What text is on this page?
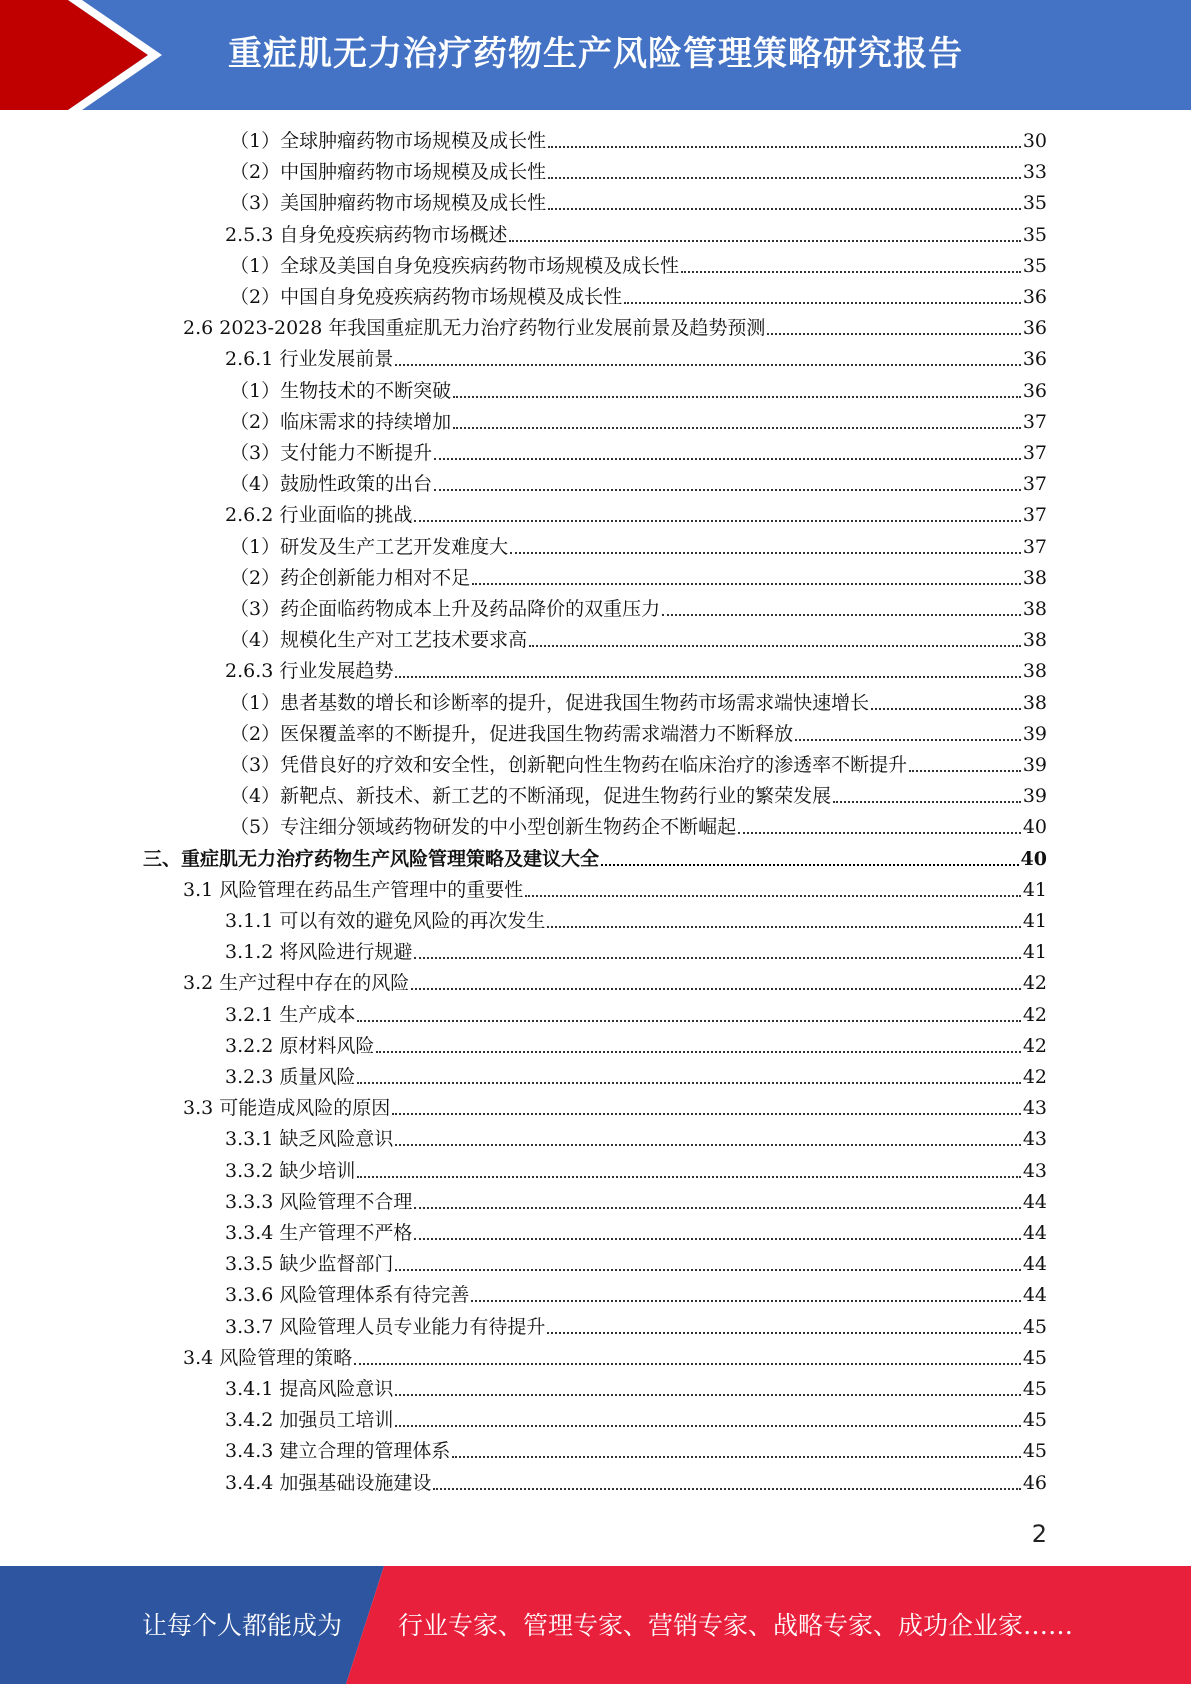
重症肌无力治疗药物生产风险管理策略研究报告
（1）全球肿瘤药物市场规模及成长性	30
（2）中国肿瘤药物市场规模及成长性	33
（3）美国肿瘤药物市场规模及成长性	35
2.5.3 自身免疫疾病药物市场概述	35
（1）全球及美国自身免疫疾病药物市场规模及成长性	35
（2）中国自身免疫疾病药物市场规模及成长性	36
2.6 2023-2028 年我国重症肌无力治疗药物行业发展前景及趋势预测	36
2.6.1 行业发展前景	36
（1）生物技术的不断突破	36
（2）临床需求的持续增加	37
（3）支付能力不断提升	37
（4）鼓励性政策的出台	37
2.6.2 行业面临的挑战	37
（1）研发及生产工艺开发难度大	37
（2）药企创新能力相对不足	38
（3）药企面临药物成本上升及药品降价的双重压力	38
（4）规模化生产对工艺技术要求高	38
2.6.3 行业发展趋势	38
（1）患者基数的增长和诊断率的提升，促进我国生物药市场需求端快速增长	38
（2）医保覆盖率的不断提升，促进我国生物药需求端潜力不断释放	39
（3）凭借良好的疗效和安全性，创新靶向性生物药在临床治疗的渗透率不断提升	39
（4）新靶点、新技术、新工艺的不断涌现，促进生物药行业的繁荣发展	39
（5）专注细分领域药物研发的中小型创新生物药企不断崛起	40
三、重症肌无力治疗药物生产风险管理策略及建议大全	40
3.1 风险管理在药品生产管理中的重要性	41
3.1.1 可以有效的避免风险的再次发生	41
3.1.2 将风险进行规避	41
3.2 生产过程中存在的风险	42
3.2.1 生产成本	42
3.2.2 原材料风险	42
3.2.3 质量风险	42
3.3 可能造成风险的原因	43
3.3.1 缺乏风险意识	43
3.3.2 缺少培训	43
3.3.3 风险管理不合理	44
3.3.4 生产管理不严格	44
3.3.5 缺少监督部门	44
3.3.6 风险管理体系有待完善	44
3.3.7 风险管理人员专业能力有待提升	45
3.4 风险管理的策略	45
3.4.1 提高风险意识	45
3.4.2 加强员工培训	45
3.4.3 建立合理的管理体系	45
3.4.4 加强基础设施建设	46
2
让每个人都能成为 行业专家、管理专家、营销专家、战略专家、成功企业家……
